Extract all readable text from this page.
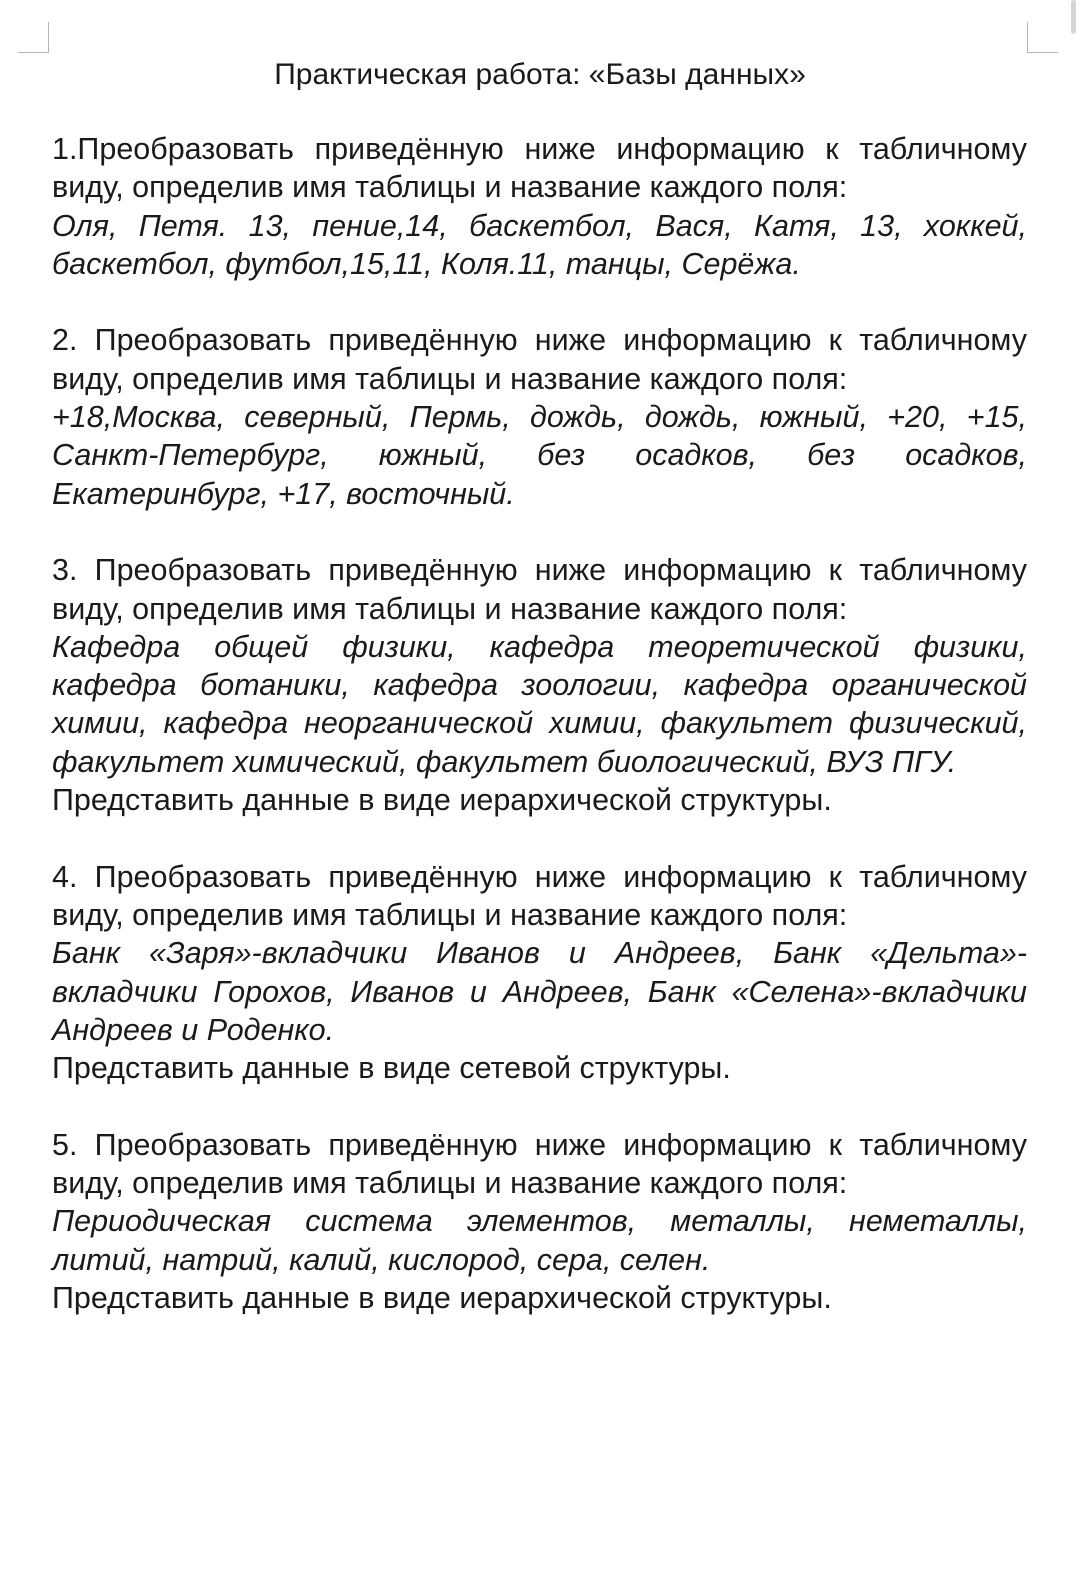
Практическая работа: «Базы данных»

1.Преобразовать приведённую ниже информацию к табличному виду, определив имя таблицы и название каждого поля:

Оля, Петя. 13, пение,14, баскетбол, Вася, Катя, 13, хоккей, баскетбол, футбол,15,11, Коля.11, танцы, Серёжа.

2. Преобразовать приведённую ниже информацию к табличному виду, определив имя таблицы и название каждого поля:

+18,Москва, северный, Пермь, дождь, дождь, южный, +20, +15, Санкт-Петербург, южный, без осадков, без осадков, Екатеринбург, +17, восточный.

3. Преобразовать приведённую ниже информацию к табличному виду, определив имя таблицы и название каждого поля:

Кафедра общей физики, кафедра теоретической физики, кафедра ботаники, кафедра зоологии, кафедра органической химии, кафедра неорганической химии, факультет физический, факультет химический, факультет биологический, ВУЗ ПГУ.

Представить данные в виде иерархической структуры.

4. Преобразовать приведённую ниже информацию к табличному виду, определив имя таблицы и название каждого поля:

Банк «Заря»-вкладчики Иванов и Андреев, Банк «Дельта»-вкладчики Горохов, Иванов и Андреев, Банк «Селена»-вкладчики Андреев и Роденко.

Представить данные в виде сетевой структуры.

5. Преобразовать приведённую ниже информацию к табличному виду, определив имя таблицы и название каждого поля:

Периодическая система элементов, металлы, неметаллы, литий, натрий, калий, кислород, сера, селен.

Представить данные в виде иерархической структуры.
